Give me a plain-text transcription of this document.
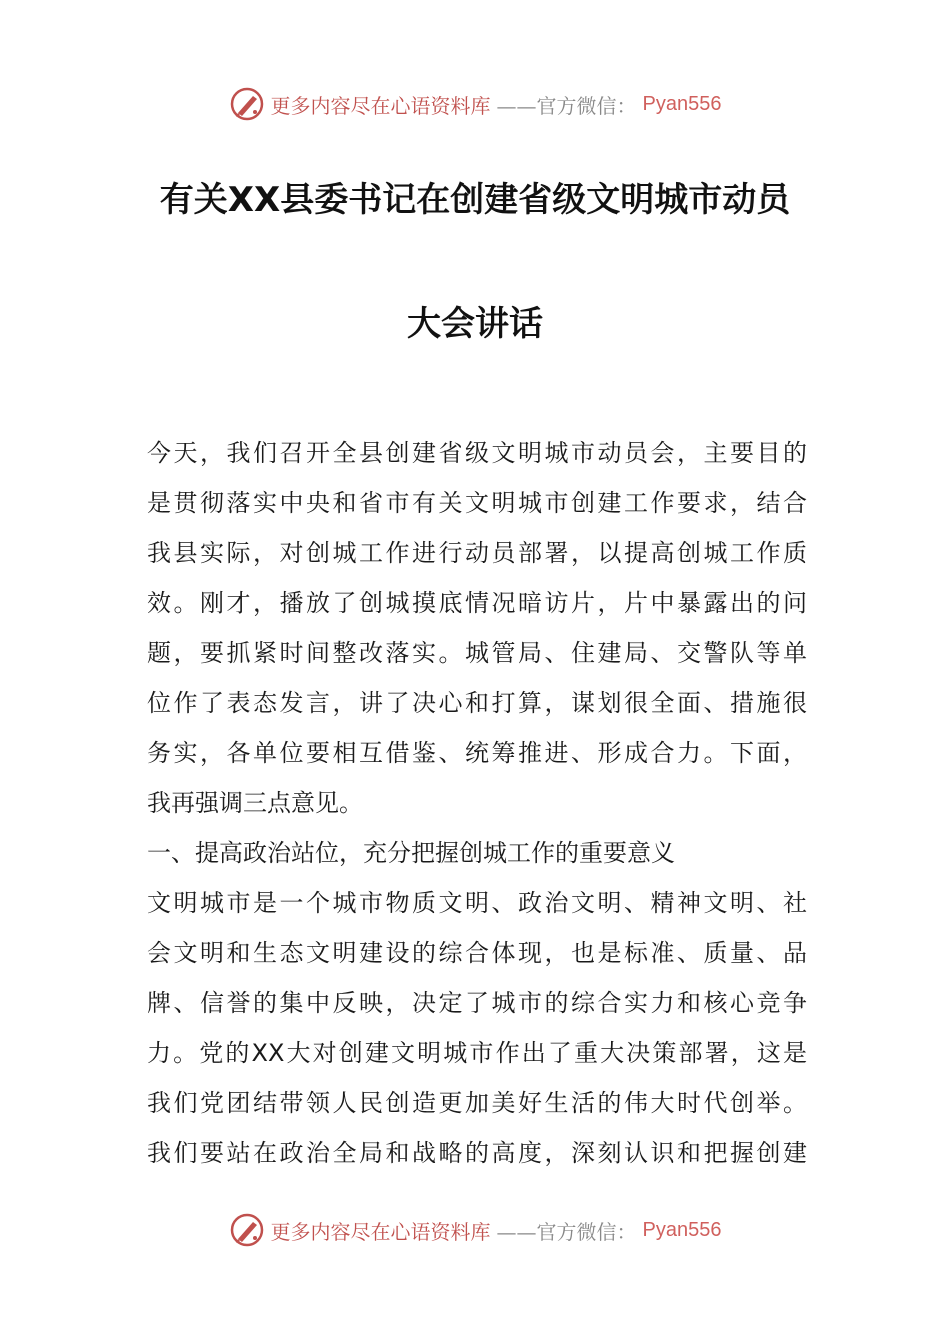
更多内容尽在心语资料库 ——官方微信： Pyan556
有关XX县委书记在创建省级文明城市动员
大会讲话
今天，我们召开全县创建省级文明城市动员会，主要目的
是贯彻落实中央和省市有关文明城市创建工作要求，结合
我县实际，对创城工作进行动员部署，以提高创城工作质
效。刚才，播放了创城摸底情况暗访片，片中暴露出的问
题，要抓紧时间整改落实。城管局、住建局、交警队等单
位作了表态发言，讲了决心和打算，谋划很全面、措施很
务实，各单位要相互借鉴、统筹推进、形成合力。下面，
我再强调三点意见。
一、提高政治站位，充分把握创城工作的重要意义
文明城市是一个城市物质文明、政治文明、精神文明、社
会文明和生态文明建设的综合体现，也是标准、质量、品
牌、信誉的集中反映，决定了城市的综合实力和核心竞争
力。党的XX大对创建文明城市作出了重大决策部署，这是
我们党团结带领人民创造更加美好生活的伟大时代创举。
我们要站在政治全局和战略的高度，深刻认识和把握创建
更多内容尽在心语资料库 ——官方微信： Pyan556
